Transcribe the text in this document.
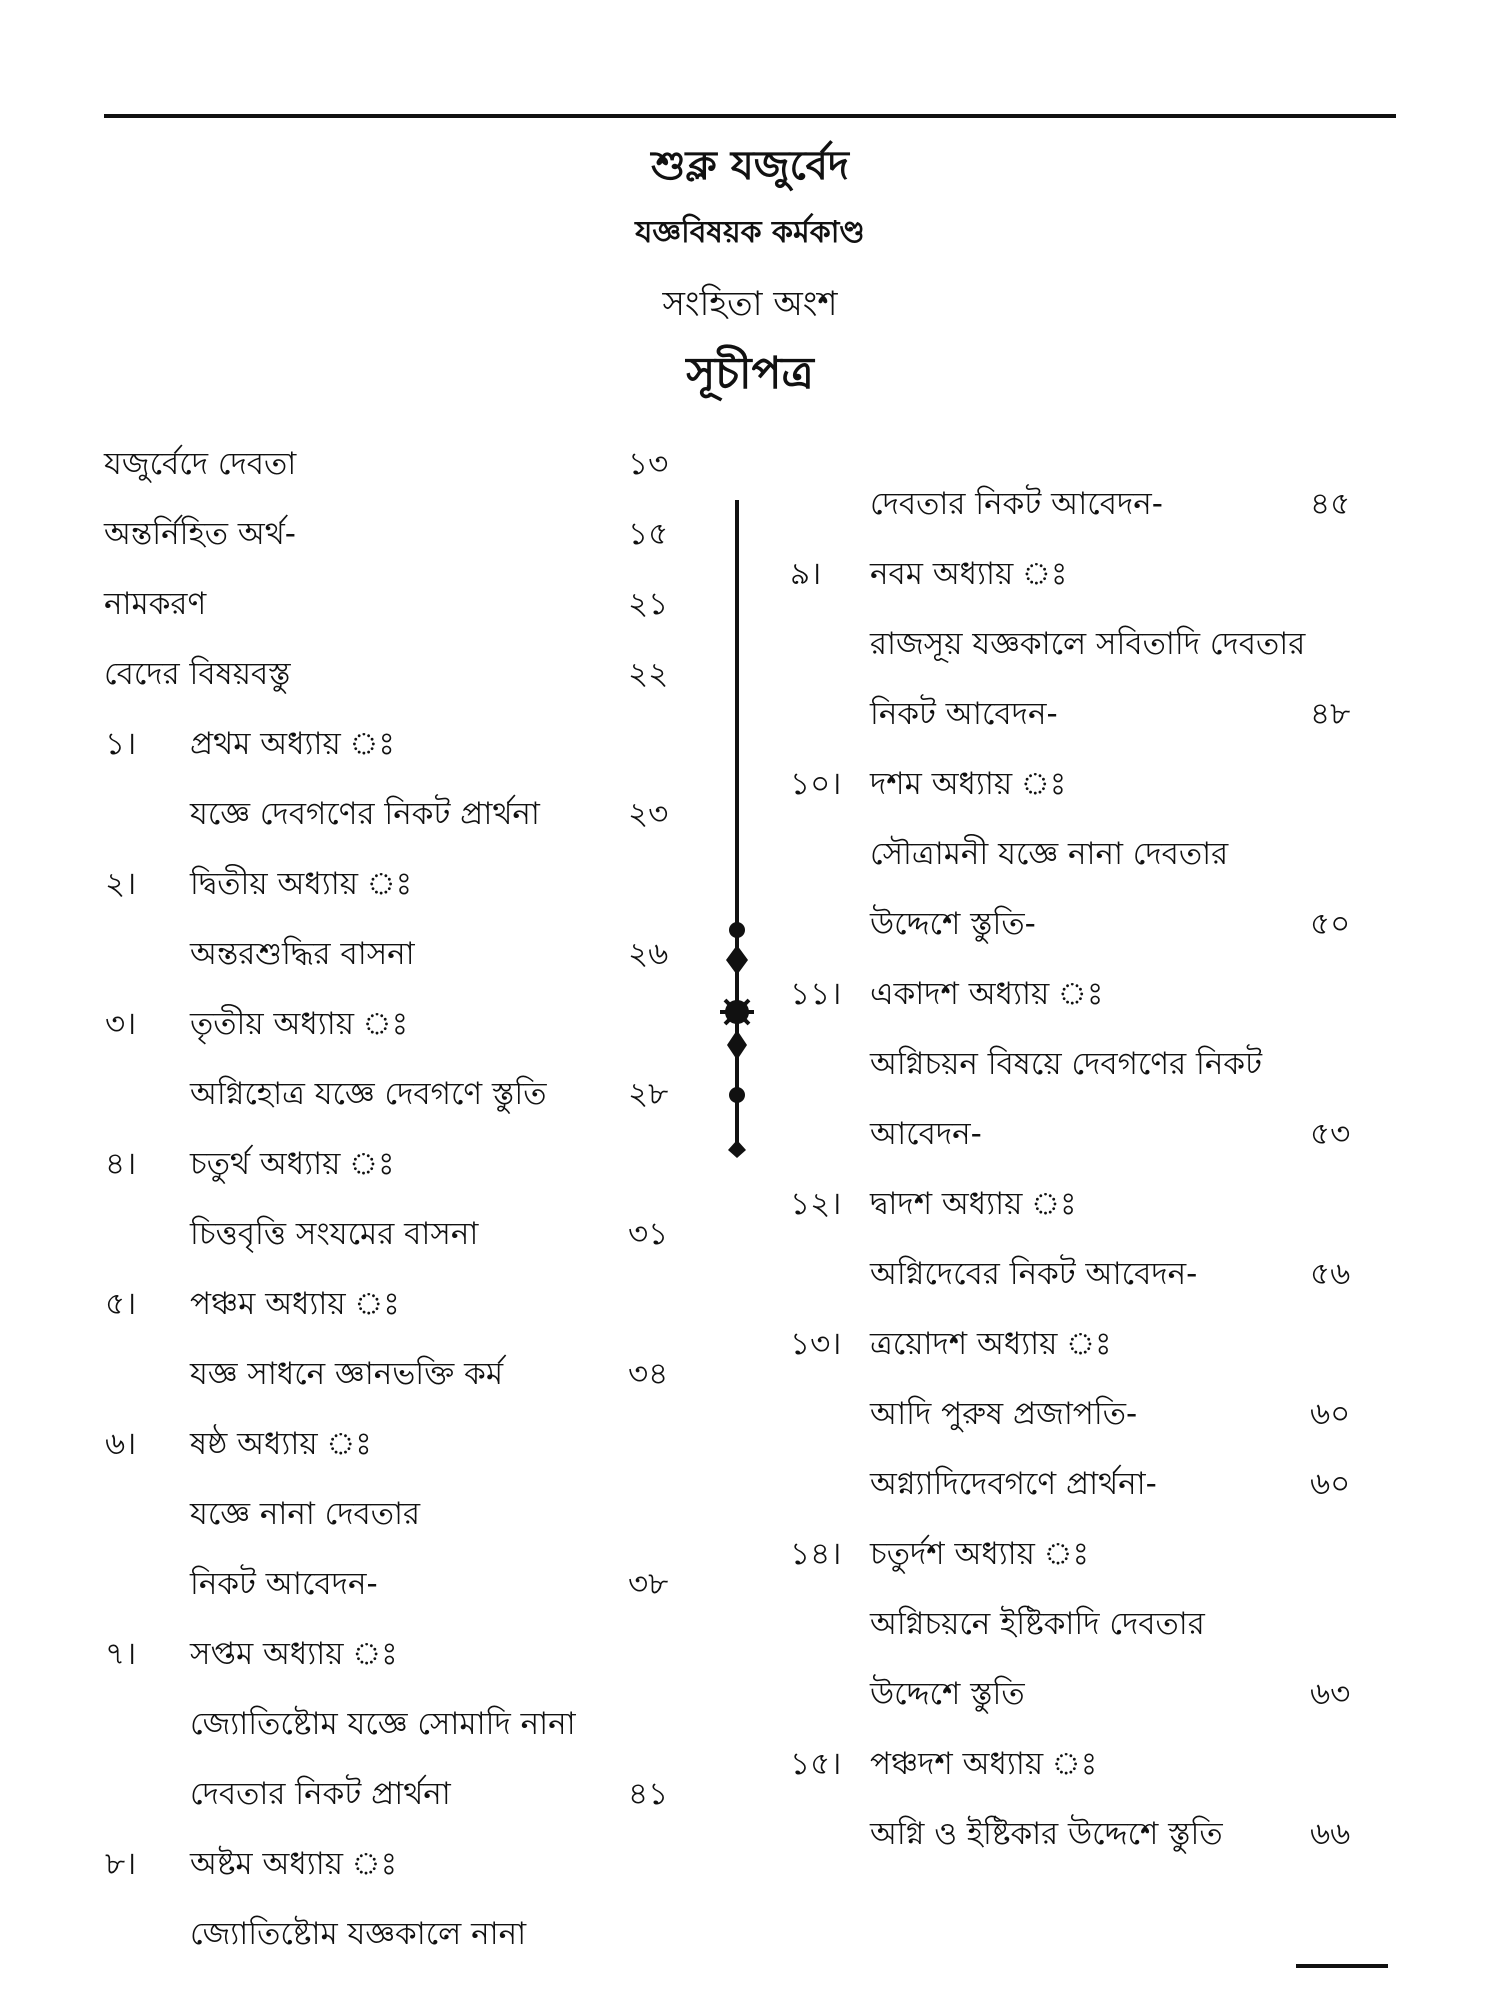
শুক্ল যজুর্বেদ
যজ্ঞবিষয়ক কর্মকাণ্ড
সংহিতা অংশ
সূচীপত্র
যজুর্বেদে দেবতা	১৩
অন্তর্নিহিত অর্থ-	১৫
নামকরণ	২১
বেদের বিষয়বস্তু	২২
১। প্রথম অধ্যায় ঃ
যজ্ঞে দেবগণের নিকট প্রার্থনা	২৩
২। দ্বিতীয় অধ্যায় ঃ
অন্তরশুদ্ধির বাসনা	২৬
৩। তৃতীয় অধ্যায় ঃ
অগ্নিহোত্র যজ্ঞে দেবগণে স্তুতি	২৮
৪। চতুর্থ অধ্যায় ঃ
চিত্তবৃত্তি সংযমের বাসনা	৩১
৫। পঞ্চম অধ্যায় ঃ
যজ্ঞ সাধনে জ্ঞানভক্তি কর্ম	৩৪
৬। ষষ্ঠ অধ্যায় ঃ
যজ্ঞে নানা দেবতার
নিকট আবেদন-	৩৮
৭। সপ্তম অধ্যায় ঃ
জ্যোতিষ্টোম যজ্ঞে সোমাদি নানা
দেবতার নিকট প্রার্থনা	৪১
৮। অষ্টম অধ্যায় ঃ
জ্যোতিষ্টোম যজ্ঞকালে নানা
দেবতার নিকট আবেদন-	৪৫
৯। নবম অধ্যায় ঃ
রাজসূয় যজ্ঞকালে সবিতাদি দেবতার
নিকট আবেদন-	৪৮
১০। দশম অধ্যায় ঃ
সৌত্রামনী যজ্ঞে নানা দেবতার
উদ্দেশে স্তুতি-	৫০
১১। একাদশ অধ্যায় ঃ
অগ্নিচয়ন বিষয়ে দেবগণের নিকট
আবেদন-	৫৩
১২। দ্বাদশ অধ্যায় ঃ
অগ্নিদেবের নিকট আবেদন-	৫৬
১৩। ত্রয়োদশ অধ্যায় ঃ
আদি পুরুষ প্রজাপতি-	৬০
অগ্ন্যাদিদেবগণে প্রার্থনা-	৬০
১৪। চতুর্দশ অধ্যায় ঃ
অগ্নিচয়নে ইষ্টিকাদি দেবতার
উদ্দেশে স্তুতি	৬৩
১৫। পঞ্চদশ অধ্যায় ঃ
অগ্নি ও ইষ্টিকার উদ্দেশে স্তুতি	৬৬
